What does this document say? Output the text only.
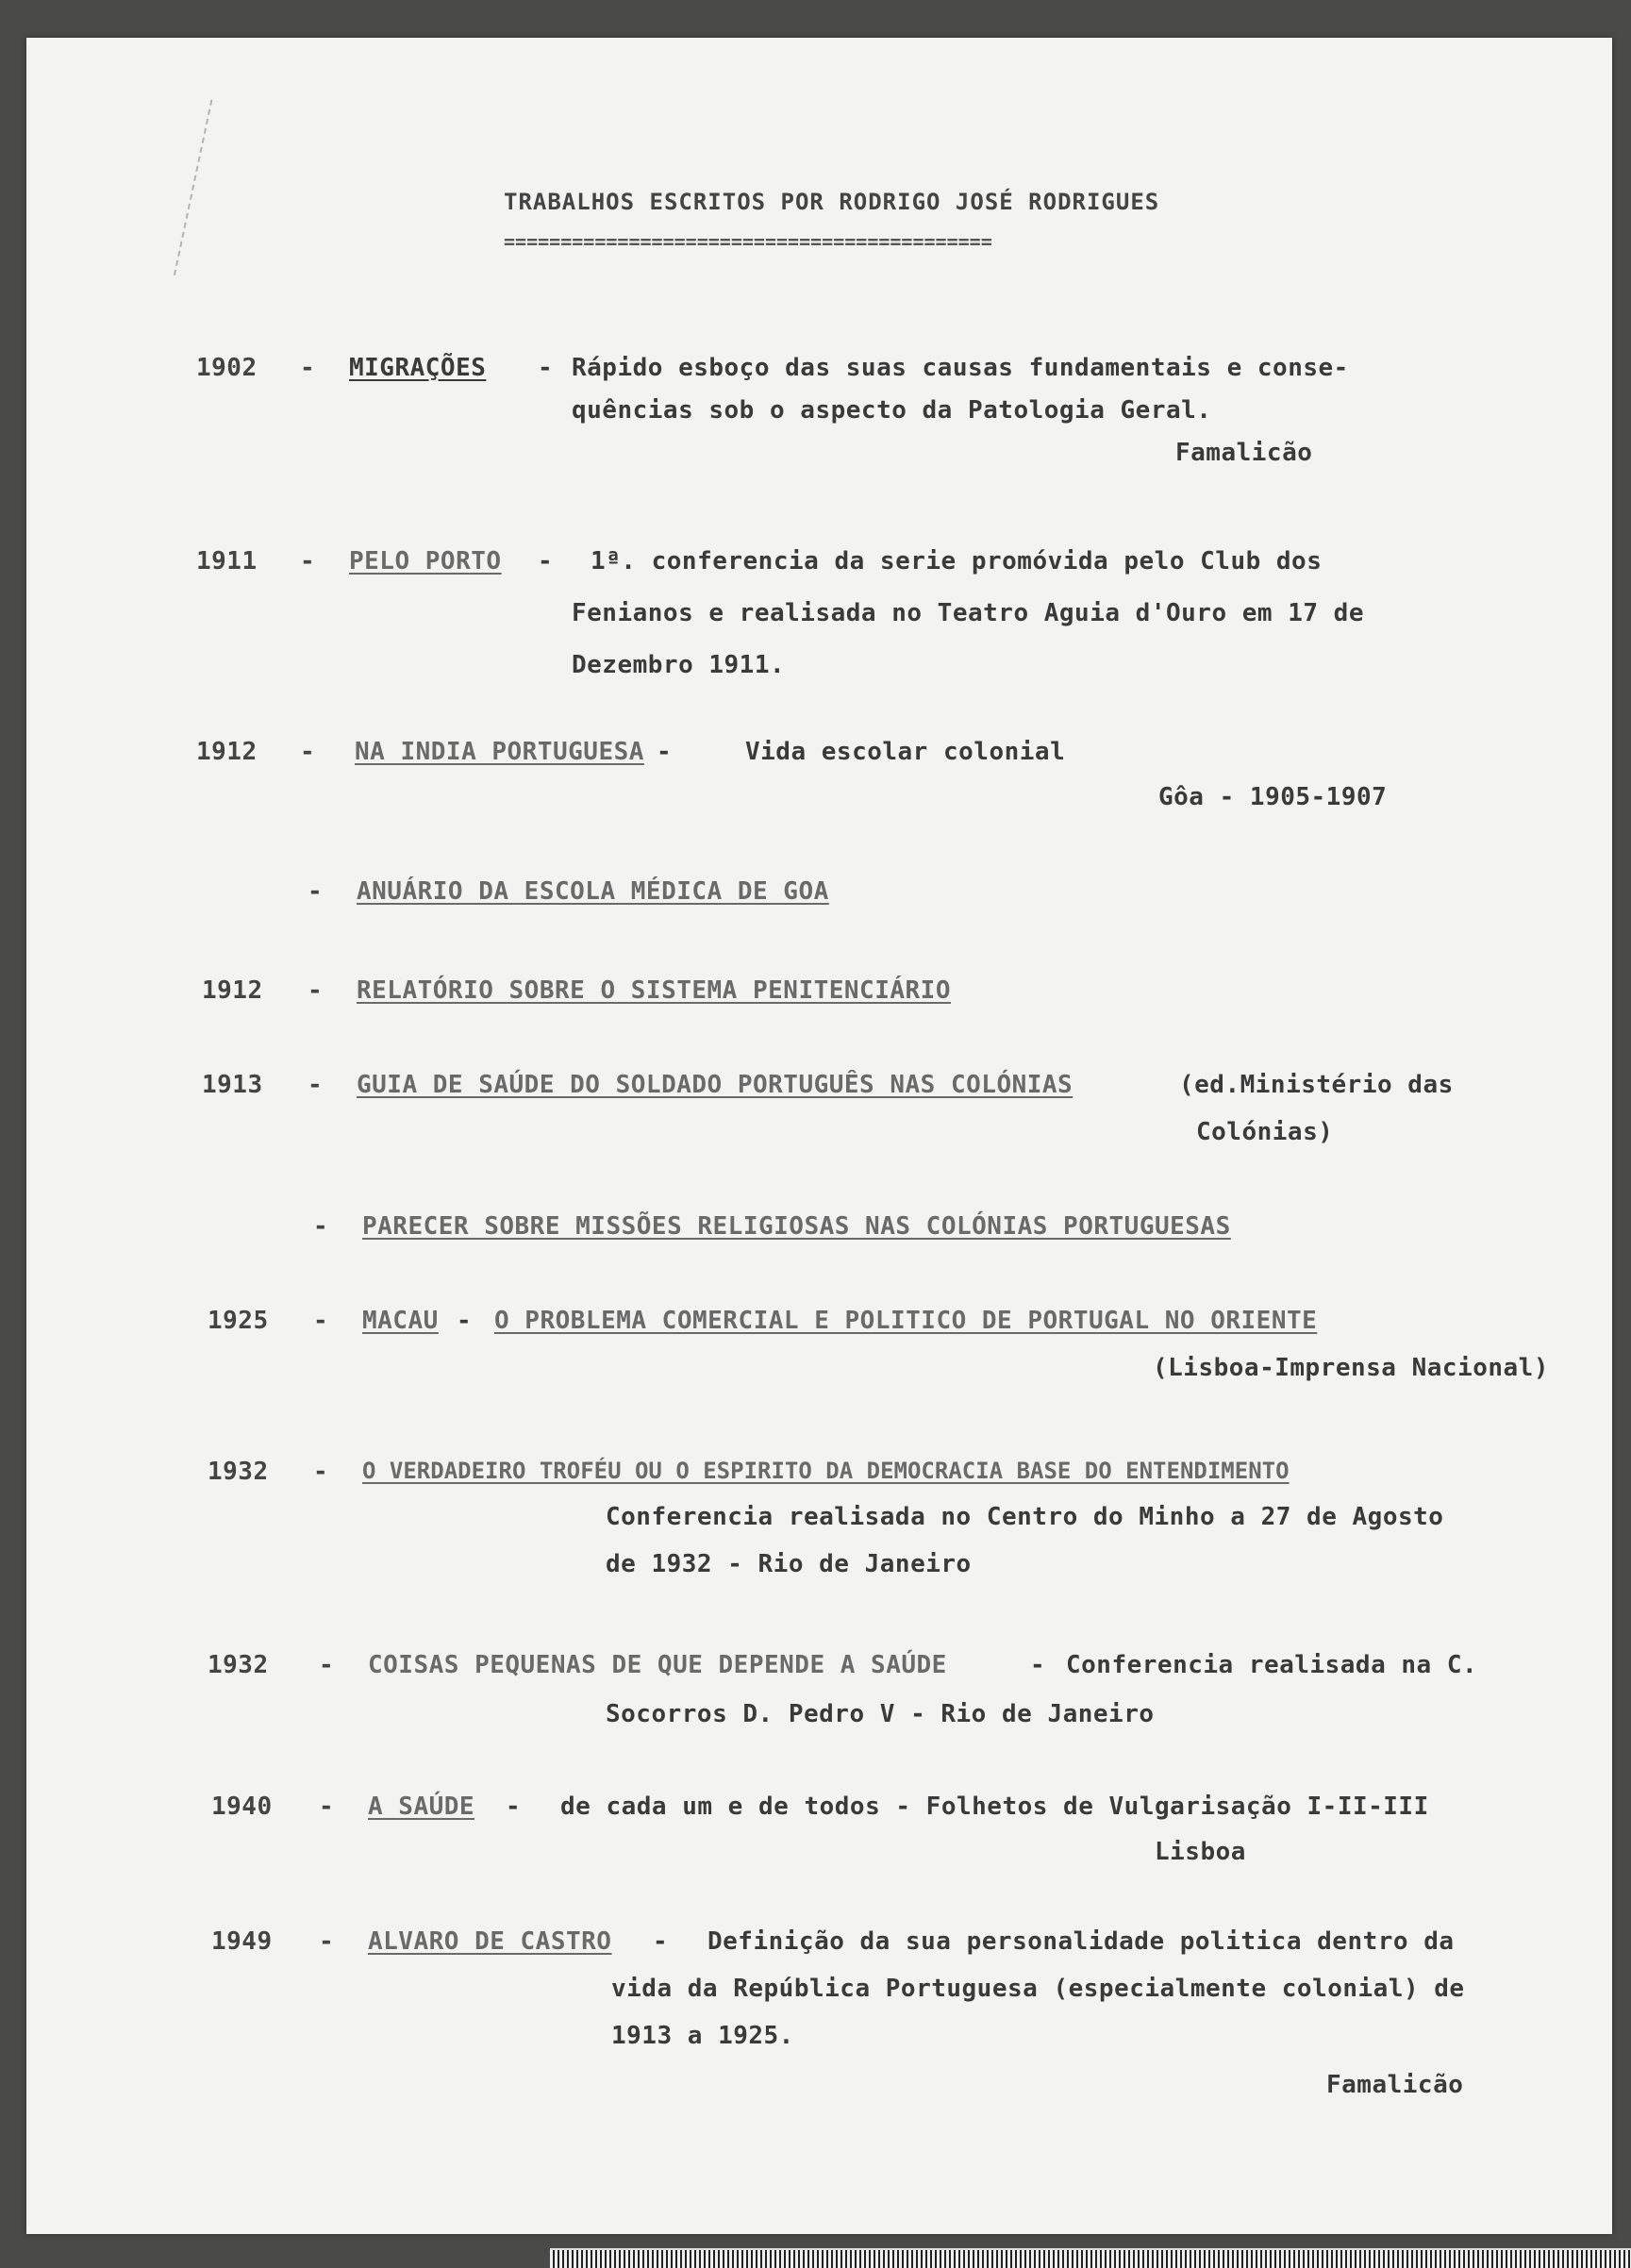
TRABALHOS ESCRITOS POR RODRIGO JOSÉ RODRIGUES
===========================================
1902 - MIGRAÇÕES - Rápido esboço das suas causas fundamentais e conse-
quências sob o aspecto da Patologia Geral.
Famalicão
1911 - PELO PORTO - 1ª. conferencia da serie promóvida pelo Club dos
Fenianos e realisada no Teatro Aguia d'Ouro em 17 de
Dezembro 1911.
1912 - NA INDIA PORTUGUESA -	Vida escolar colonial
Gôa - 1905-1907
- ANUÁRIO DA ESCOLA MÉDICA DE GOA
1912 - RELATÓRIO SOBRE O SISTEMA PENITENCIÁRIO
1913 - GUIA DE SAÚDE DO SOLDADO PORTUGUÊS NAS COLÓNIAS	(ed.Ministério das
Colónias)
- PARECER SOBRE MISSÕES RELIGIOSAS NAS COLÓNIAS PORTUGUESAS
1925 - MACAU - O PROBLEMA COMERCIAL E POLITICO DE PORTUGAL NO ORIENTE
(Lisboa-Imprensa Nacional)
1932 - O VERDADEIRO TROFÉU OU O ESPIRITO DA DEMOCRACIA BASE DO ENTENDIMENTO
Conferencia realisada no Centro do Minho a 27 de Agosto
de 1932 - Rio de Janeiro
1932 - COISAS PEQUENAS DE QUE DEPENDE A SAÚDE	- Conferencia realisada na C.
Socorros D. Pedro V - Rio de Janeiro
1940 - A SAÚDE - de cada um e de todos - Folhetos de Vulgarisação I-II-III
Lisboa
1949 - ALVARO DE CASTRO - Definição da sua personalidade politica dentro da
vida da República Portuguesa (especialmente colonial) de
1913 a 1925.
Famalicão
